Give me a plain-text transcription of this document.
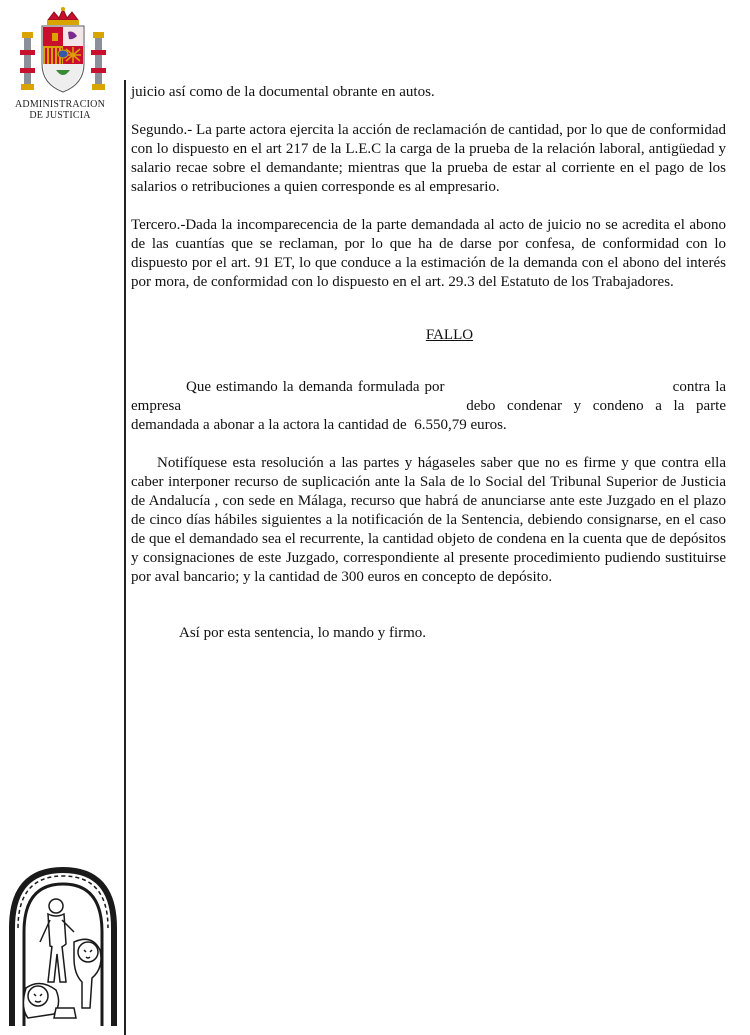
ADMINISTRACION
DE JUSTICIA

juicio así como de la documental obrante en autos.

Segundo.- La parte actora ejercita la acción de reclamación de cantidad, por lo que de conformidad con lo dispuesto en el art 217 de la L.E.C la carga de la prueba de la relación laboral, antigüedad y salario recae sobre el demandante; mientras que la prueba de estar al corriente en el pago de los salarios o retribuciones a quien corresponde es al empresario.

Tercero.-Dada la incomparecencia de la parte demandada al acto de juicio no se acredita el abono de las cuantías que se reclaman, por lo que ha de darse por confesa, de conformidad con lo dispuesto por el art. 91 ET, lo que conduce a la estimación de la demanda con el abono del interés por mora, de conformidad con lo dispuesto en el art. 29.3 del Estatuto de los Trabajadores.

FALLO

Que estimando la demanda formulada por	contra la empresa	debo condenar y condeno a la parte demandada a abonar a la actora la cantidad de 6.550,79 euros.

Notifíquese esta resolución a las partes y hágaseles saber que no es firme y que contra ella caber interponer recurso de suplicación ante la Sala de lo Social del Tribunal Superior de Justicia de Andalucía , con sede en Málaga, recurso que habrá de anunciarse ante este Juzgado en el plazo de cinco días hábiles siguientes a la notificación de la Sentencia, debiendo consignarse, en el caso de que el demandado sea el recurrente, la cantidad objeto de condena en la cuenta que de depósitos y consignaciones de este Juzgado, correspondiente al presente procedimiento pudiendo sustituirse por aval bancario; y la cantidad de 300 euros en concepto de depósito.

Así por esta sentencia, lo mando y firmo.
